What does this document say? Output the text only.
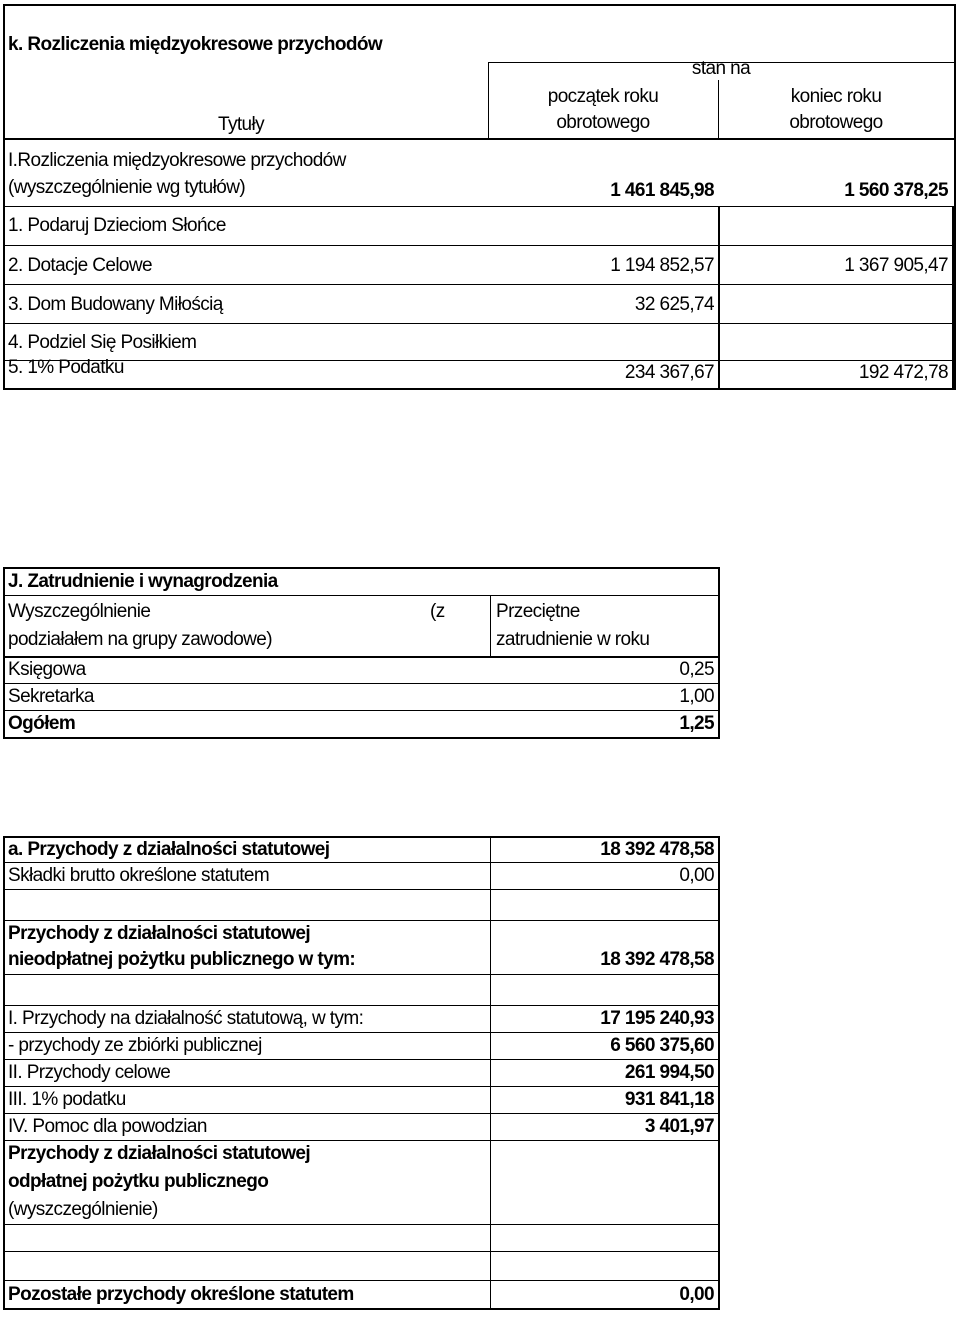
k. Rozliczenia międzyokresowe przychodów
stan na
Tytuły
początek roku
obrotowego
koniec roku
obrotowego
I.Rozliczenia międzyokresowe przychodów
(wyszczególnienie wg tytułów)	1 461 845,98	1 560 378,25
1. Podaruj Dzieciom Słońce
2. Dotacje Celowe	1 194 852,57	1 367 905,47
3. Dom Budowany Miłością	32 625,74
4. Podziel Się Posiłkiem
5. 1% Podatku	234 367,67	192 472,78
J. Zatrudnienie i wynagrodzenia
Wyszczególnienie	(z
podziałałem na grupy zawodowe)
Przeciętne
zatrudnienie w roku
Księgowa	0,25
Sekretarka	1,00
Ogółem	1,25
a. Przychody z działalności statutowej	18 392 478,58
Składki brutto określone statutem	0,00
Przychody z działalności statutowej
nieodpłatnej pożytku publicznego w tym:	18 392 478,58
I. Przychody na działalność statutową, w tym:	17 195 240,93
- przychody ze zbiórki publicznej	6 560 375,60
II. Przychody celowe	261 994,50
III. 1% podatku	931 841,18
IV. Pomoc dla powodzian	3 401,97
Przychody z działalności statutowej
odpłatnej pożytku publicznego
(wyszczególnienie)
Pozostałe przychody określone statutem	0,00
